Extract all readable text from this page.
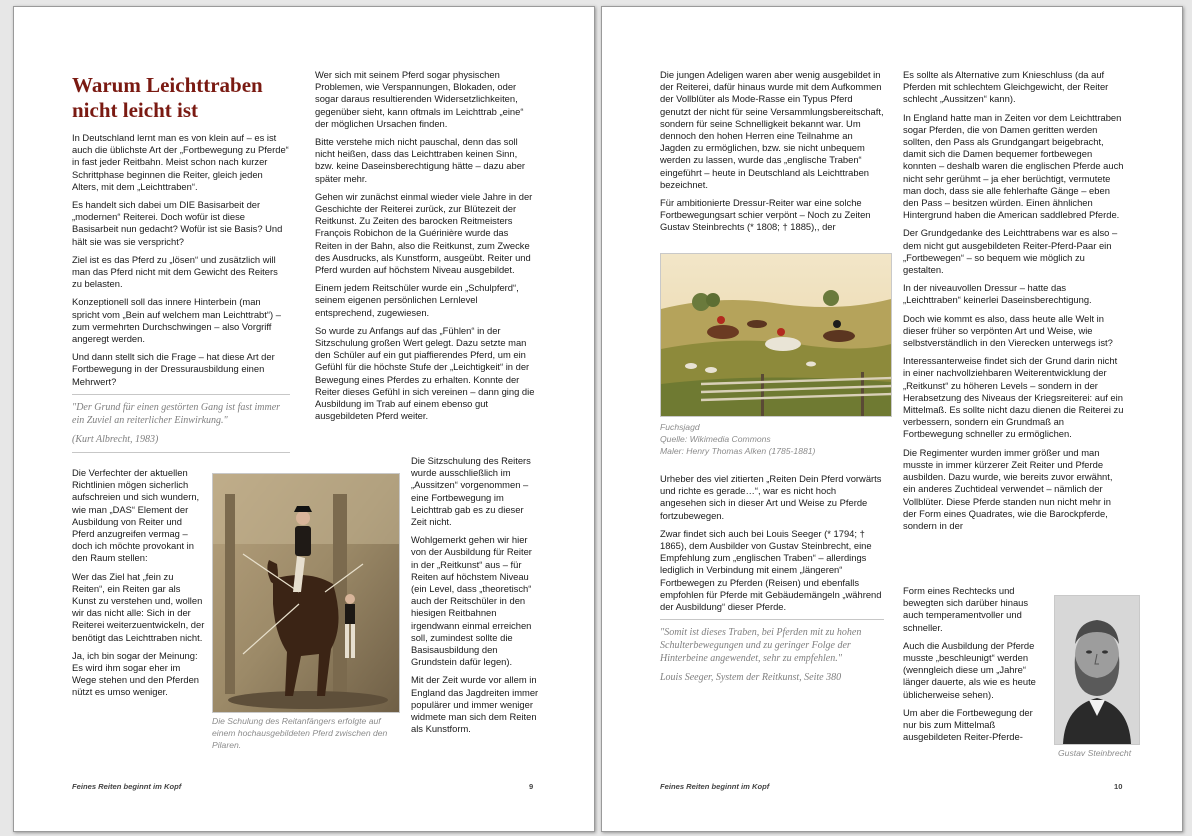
Warum Leichttraben nicht leicht ist

In Deutschland lernt man es von klein auf – es ist auch die üblichste Art der „Fortbewegung zu Pferde“ in fast jeder Reitbahn. Meist schon nach kurzer Schrittphase beginnen die Reiter, gleich jeden Alters, mit dem „Leichttraben“.

Es handelt sich dabei um DIE Basisarbeit der „modernen“ Reiterei. Doch wofür ist diese Basisarbeit nun gedacht? Wofür ist sie Basis? Und hält sie was sie verspricht?

Ziel ist es das Pferd zu „lösen“ und zusätzlich will man das Pferd nicht mit dem Gewicht des Reiters zu belasten.

Konzeptionell soll das innere Hinterbein (man spricht vom „Bein auf welchem man Leichttrabt“) – zum vermehrten Durchschwingen – also Vorgriff angeregt werden.

Und dann stellt sich die Frage – hat diese Art der Fortbewegung in der Dressurausbildung einen Mehrwert?

"Der Grund für einen gestörten Gang ist fast immer ein Zuviel an reiterlicher Einwirkung."

(Kurt Albrecht, 1983)

Die Verfechter der aktuellen Richtlinien mögen sicherlich aufschreien und sich wundern, wie man „DAS“ Element der Ausbildung von Reiter und Pferd anzugreifen vermag – doch ich möchte provokant in den Raum stellen:

Wer das Ziel hat „fein zu Reiten“, ein Reiten gar als Kunst zu verstehen und, wollen wir das nicht alle: Sich in der Reiterei weiterzuentwickeln, der benötigt das Leichttraben nicht.

Ja, ich bin sogar der Meinung: Es wird ihm sogar eher im Wege stehen und den Pferden nützt es umso weniger.

Wer sich mit seinem Pferd sogar physischen Problemen, wie Verspannungen, Blokaden, oder sogar daraus resultierenden Widersetzlichkeiten, gegenüber sieht, kann oftmals im Leichttrab „eine“ der möglichen Ursachen finden.

Bitte verstehe mich nicht pauschal, denn das soll nicht heißen, dass das Leichttraben keinen Sinn, bzw. keine Daseinsberechtigung hätte – dazu aber später mehr.

Gehen wir zunächst einmal wieder viele Jahre in der Geschichte der Reiterei zurück, zur Blütezeit der Reitkunst. Zu Zeiten des barocken Reitmeisters François Robichon de la Guérinière wurde das Reiten in der Bahn, also die Reitkunst, zum Zwecke des Ausdrucks, als Kunstform, ausgeübt. Reiter und Pferd wurden auf höchstem Niveau ausgebildet.

Einem jedem Reitschüler wurde ein „Schulpferd“, seinem eigenen persönlichen Lernlevel entsprechend, zugewiesen.

So wurde zu Anfangs auf das „Fühlen“ in der Sitzschulung großen Wert gelegt. Dazu setzte man den Schüler auf ein gut piaffierendes Pferd, um ein Gefühl für die höchste Stufe der „Leichtigkeit“ in der Bewegung eines Pferdes zu erhalten. Konnte der Reiter dieses Gefühl in sich vereinen – dann ging die Ausbildung im Trab auf einem ebenso gut ausgebildeten Pferd weiter.

Die Sitzschulung des Reiters wurde ausschließlich im „Aussitzen“ vorgenommen – eine Fortbewegung im Leichttrab gab es zu dieser Zeit nicht.

Wohlgemerkt gehen wir hier von der Ausbildung für Reiter in der „Reitkunst“ aus – für Reiten auf höchstem Niveau (ein Level, dass „theoretisch“ auch der Reitschüler in den hiesigen Reitbahnen irgendwann einmal erreichen soll, zumindest sollte die Basisausbildung den Grundstein dafür legen).

Mit der Zeit wurde vor allem in England das Jagdreiten immer populärer und immer weniger widmete man sich dem Reiten als Kunstform.

Die Schulung des Reitanfängers erfolgte auf einem hochausgebildeten Pferd zwischen den Pilaren.
Feines Reiten beginnt im Kopf	9

Die jungen Adeligen waren aber wenig ausgebildet in der Reiterei, dafür hinaus wurde mit dem Aufkommen der Vollblüter als Mode-Rasse ein Typus Pferd genutzt der nicht für seine Versammlungsbereitschaft, sondern für seine Schnelligkeit bekannt war. Um dennoch den hohen Herren eine Teilnahme an Jagden zu ermöglichen, bzw. sie nicht unbequem werden zu lassen, wurde das „englische Traben“ eingeführt – heute in Deutschland als Leichttraben bezeichnet.

Für ambitionierte Dressur-Reiter war eine solche Fortbewegungsart schier verpönt – Noch zu Zeiten Gustav Steinbrechts (* 1808; † 1885),, der

Fuchsjagd
Quelle: Wikimedia Commons
Maler: Henry Thomas Alken (1785-1881)

Urheber des viel zitierten „Reiten Dein Pferd vorwärts und richte es gerade…“, war es nicht hoch angesehen sich in dieser Art und Weise zu Pferde fortzubewegen.

Zwar findet sich auch bei Louis Seeger (* 1794; † 1865), dem Ausbilder von Gustav Steinbrecht, eine Empfehlung zum „englischen Traben“ – allerdings lediglich in Verbindung mit einem „längeren“ Fortbewegen zu Pferden (Reisen) und ebenfalls empfohlen für Pferde mit Gebäudemängeln „während der Ausbildung“ dieser Pferde.

"Somit ist dieses Traben, bei Pferden mit zu hohen Schulterbewegungen und zu geringer Folge der Hinterbeine angewendet, sehr zu empfehlen."

Louis Seeger, System der Reitkunst, Seite 380

Es sollte als Alternative zum Knieschluss (da auf Pferden mit schlechtem Gleichgewicht, der Reiter schlecht „Aussitzen“ kann).

In England hatte man in Zeiten vor dem Leichttraben sogar Pferden, die von Damen geritten werden sollten, den Pass als Grundgangart beigebracht, damit sich die Damen bequemer fortbewegen konnten – deshalb waren die englischen Pferde auch nicht sehr gerühmt – ja eher berüchtigt, vermutete man doch, dass sie alle fehlerhafte Gänge – eben den Pass – besitzen würden. Einen ähnlichen Hintergrund haben die American saddlebred Pferde.

Der Grundgedanke des Leichttrabens war es also – dem nicht gut ausgebildeten Reiter-Pferd-Paar ein „Fortbewegen“ – so bequem wie möglich zu gestalten.

In der niveauvollen Dressur – hatte das „Leichttraben“ keinerlei Daseinsberechtigung.

Doch wie kommt es also, dass heute alle Welt in dieser früher so verpönten Art und Weise, wie selbstverständlich in den Vierecken unterwegs ist?

Interessanterweise findet sich der Grund darin nicht in einer nachvollziehbaren Weiterentwicklung der „Reitkunst“ zu höheren Levels – sondern in der Herabsetzung des Niveaus der Kriegsreiterei: auf ein Mittelmaß. Es sollte nicht dazu dienen die Reiterei zu verbessern, sondern ein Grundmaß an Fortbewegung schneller zu ermöglichen.

Die Regimenter wurden immer größer und man musste in immer kürzerer Zeit Reiter und Pferde ausbilden. Dazu wurde, wie bereits zuvor erwähnt, ein anderes Zuchtideal verwendet – nämlich der Vollblüter. Diese Pferde standen nun nicht mehr in der Form eines Quadrates, wie die Barockpferde, sondern in der

Form eines Rechtecks und bewegten sich darüber hinaus auch temperamentvoller und schneller.

Auch die Ausbildung der Pferde musste „beschleunigt“ werden (wenngleich diese um „Jahre“ länger dauerte, als wie es heute üblicherweise sehen).

Um aber die Fortbewegung der nur bis zum Mittelmaß ausgebildeten Reiter-Pferde-

Gustav Steinbrecht
Feines Reiten beginnt im Kopf	10
